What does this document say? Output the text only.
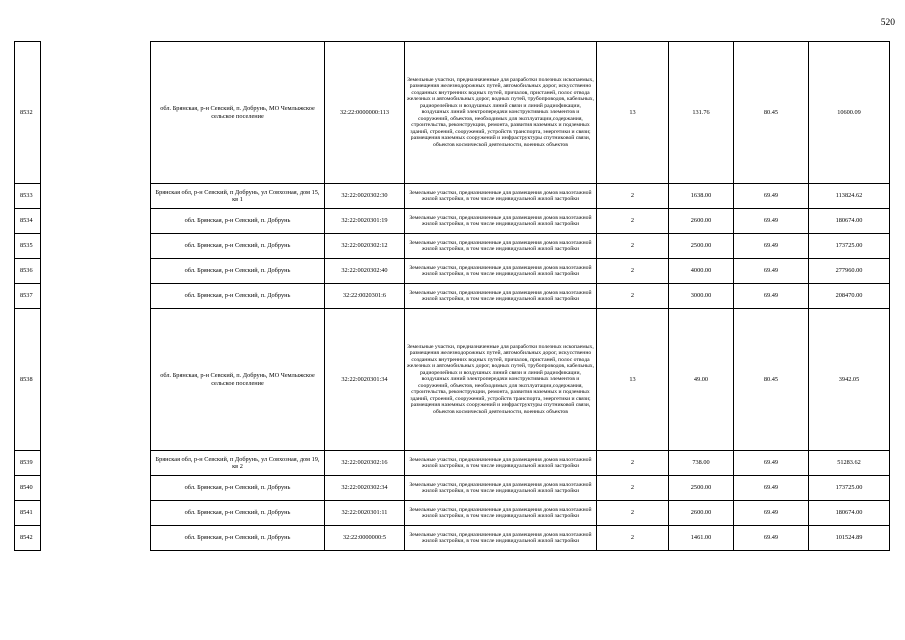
520
8532		обл. Брянская, р-н Севский, п. Добрунь, МО Чемлыжское сельское поселение	32:22:0000000:113	Земельные участки, предназначенные для разработки полезных ископаемых, размещения железнодорожных путей, автомобильных дорог, искусственно созданных внутренних водных путей, причалов, пристаней, полос отвода железных и автомобильных дорог, водных путей, трубопроводов, кабельных, радиорелейных и воздушных линий связи и линий радиофикации, воздушных линий электропередачи конструктивных элементов и сооружений, объектов, необходимых для эксплуатации,содержания, строительства, реконструкции, ремонта, развития наземных и подземных зданий, строений, сооружений, устройств транспорта, энергетики и связи; размещения наземных сооружений и инфраструктуры спутниковой связи, объектов космической деятельности, военных объектов	13	131.76	80.45	10600.09
8533		Брянская обл, р-н Севский, п Добрунь, ул Совхозная, дом 15, кв 1	32:22:0020302:30	Земельные участки, предназначенные для размещения домов малоэтажной жилой застройки, в том числе индивидуальной жилой застройки	2	1638.00	69.49	113824.62
8534		обл. Брянская, р-н Севский, п. Добрунь	32:22:0020301:19	Земельные участки, предназначенные для размещения домов малоэтажной жилой застройки, в том числе индивидуальной жилой застройки	2	2600.00	69.49	180674.00
8535		обл. Брянская, р-н Севский, п. Добрунь	32:22:0020302:12	Земельные участки, предназначенные для размещения домов малоэтажной жилой застройки, в том числе индивидуальной жилой застройки	2	2500.00	69.49	173725.00
8536		обл. Брянская, р-н Севский, п. Добрунь	32:22:0020302:40	Земельные участки, предназначенные для размещения домов малоэтажной жилой застройки, в том числе индивидуальной жилой застройки	2	4000.00	69.49	277960.00
8537		обл. Брянская, р-н Севский, п. Добрунь	32:22:0020301:6	Земельные участки, предназначенные для размещения домов малоэтажной жилой застройки, в том числе индивидуальной жилой застройки	2	3000.00	69.49	208470.00
8538		обл. Брянская, р-н Севский, п. Добрунь, МО Чемлыжское сельское поселение	32:22:0020301:34	Земельные участки, предназначенные для разработки полезных ископаемых, размещения железнодорожных путей, автомобильных дорог, искусственно созданных внутренних водных путей, причалов, пристаней, полос отвода железных и автомобильных дорог, водных путей, трубопроводов, кабельных, радиорелейных и воздушных линий связи и линий радиофикации, воздушных линий электропередачи конструктивных элементов и сооружений, объектов, необходимых для эксплуатации,содержания, строительства, реконструкции, ремонта, развития наземных и подземных зданий, строений, сооружений, устройств транспорта, энергетики и связи; размещения наземных сооружений и инфраструктуры спутниковой связи, объектов космической деятельности, военных объектов	13	49.00	80.45	3942.05
8539		Брянская обл, р-н Севский, п Добрунь, ул Совхозная, дом 19, кв 2	32:22:0020302:16	Земельные участки, предназначенные для размещения домов малоэтажной жилой застройки, в том числе индивидуальной жилой застройки	2	738.00	69.49	51283.62
8540		обл. Брянская, р-н Севский, п. Добрунь	32:22:0020302:34	Земельные участки, предназначенные для размещения домов малоэтажной жилой застройки, в том числе индивидуальной жилой застройки	2	2500.00	69.49	173725.00
8541		обл. Брянская, р-н Севский, п. Добрунь	32:22:0020301:11	Земельные участки, предназначенные для размещения домов малоэтажной жилой застройки, в том числе индивидуальной жилой застройки	2	2600.00	69.49	180674.00
8542		обл. Брянская, р-н Севский, п. Добрунь	32:22:0000000:5	Земельные участки, предназначенные для размещения домов малоэтажной жилой застройки, в том числе индивидуальной жилой застройки	2	1461.00	69.49	101524.89
